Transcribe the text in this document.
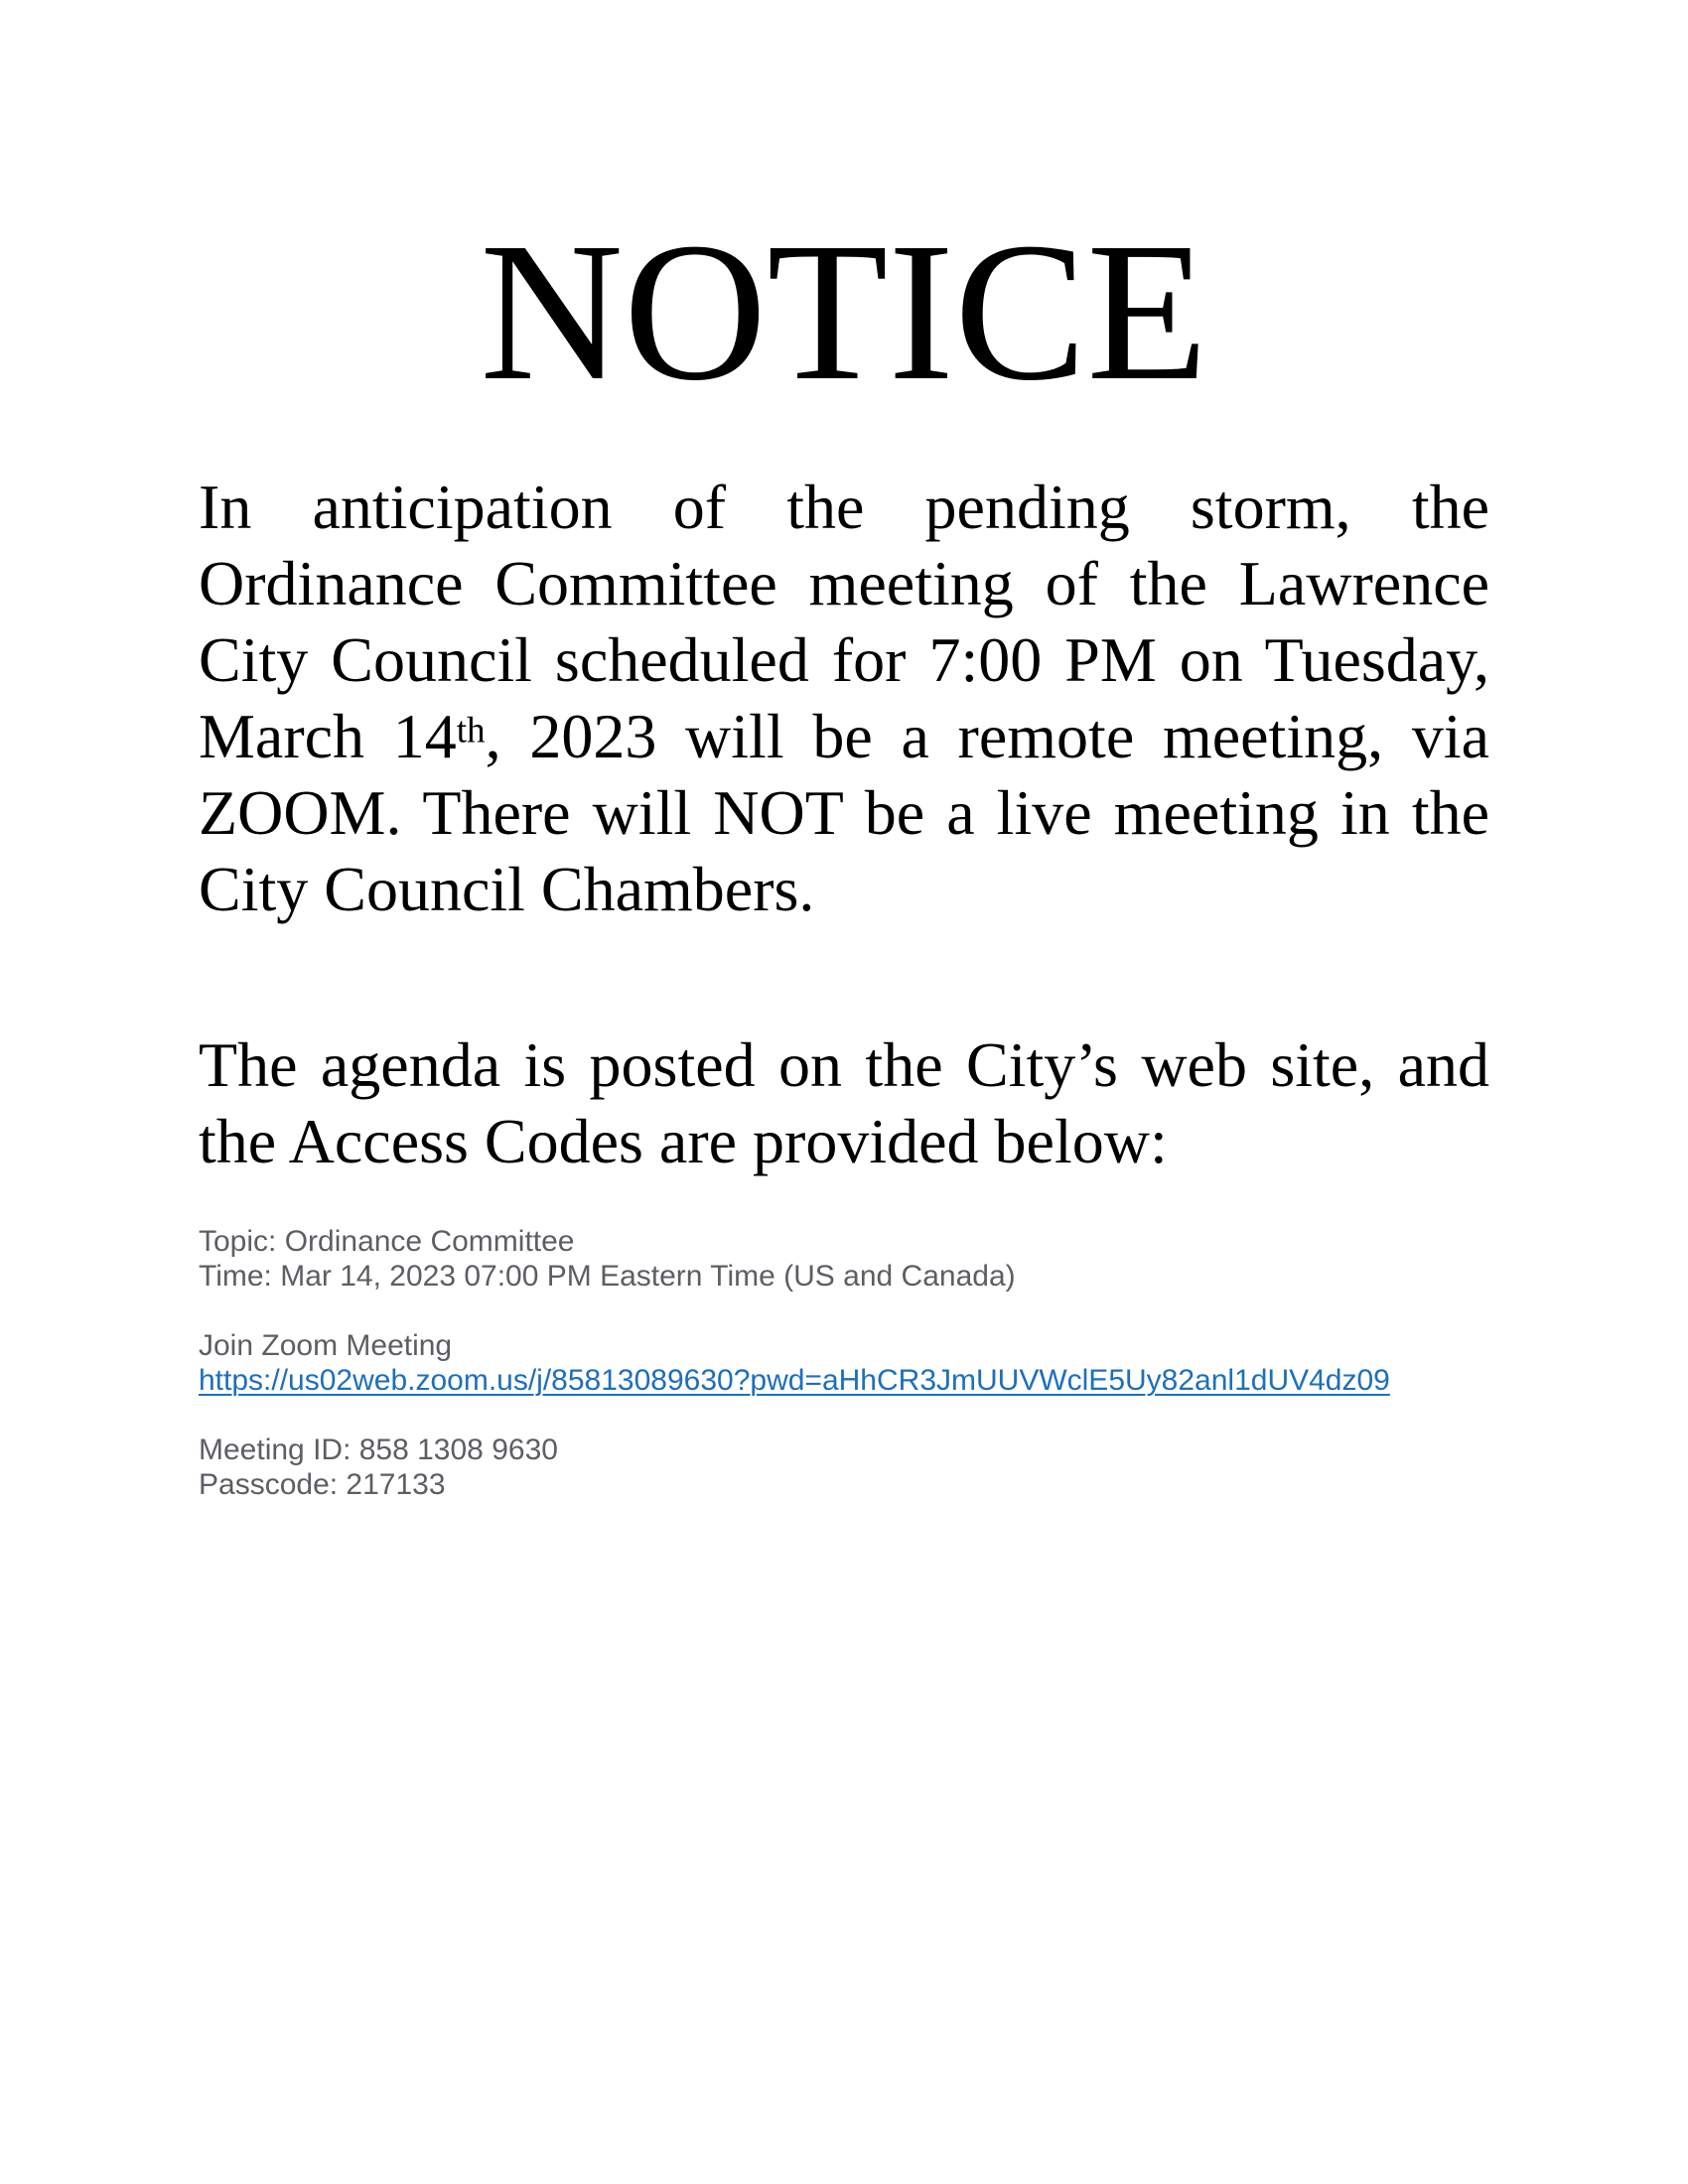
NOTICE
In anticipation of the pending storm, the
Ordinance Committee meeting of the Lawrence
City Council scheduled for 7:00 PM on Tuesday,
March 14th, 2023 will be a remote meeting, via
ZOOM. There will NOT be a live meeting in the
City Council Chambers.
The agenda is posted on the City’s web site, and
the Access Codes are provided below:
Topic: Ordinance Committee
Time: Mar 14, 2023 07:00 PM Eastern Time (US and Canada)
Join Zoom Meeting
https://us02web.zoom.us/j/85813089630?pwd=aHhCR3JmUUVWclE5Uy82anl1dUV4dz09
Meeting ID: 858 1308 9630
Passcode: 217133
